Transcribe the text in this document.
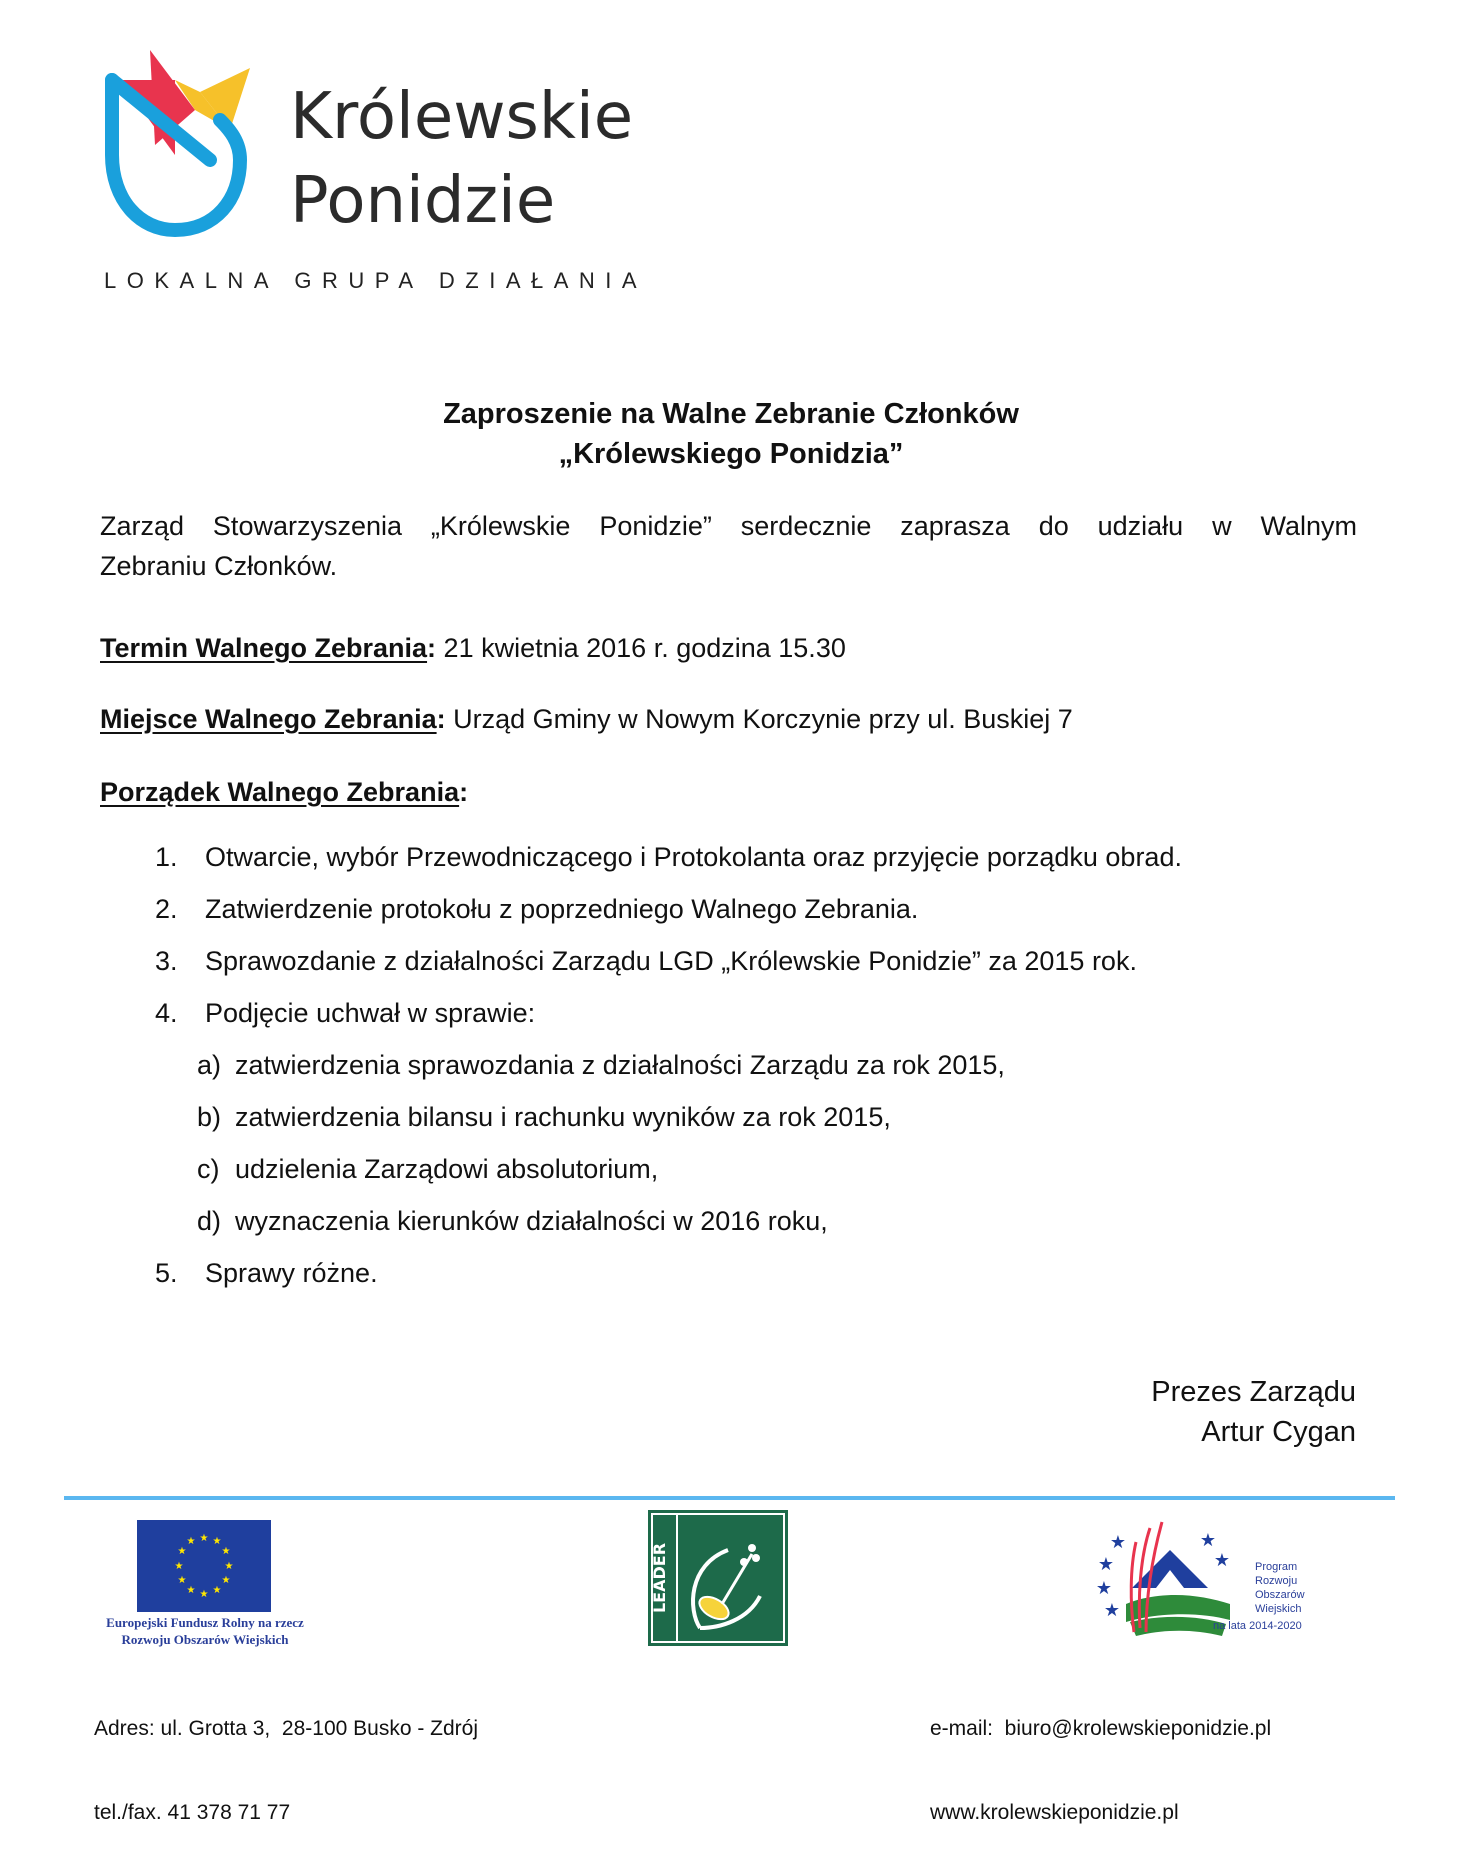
Królewskie
Ponidzie
LOKALNA GRUPA DZIAŁANIA
Zaproszenie na Walne Zebranie Członków
„Królewskiego Ponidzia”
Zarząd Stowarzyszenia „Królewskie Ponidzie” serdecznie zaprasza do udziału w Walnym
Zebraniu Członków.
Termin Walnego Zebrania: 21 kwietnia 2016 r. godzina 15.30
Miejsce Walnego Zebrania: Urząd Gminy w Nowym Korczynie przy ul. Buskiej 7
Porządek Walnego Zebrania:
1. Otwarcie, wybór Przewodniczącego i Protokolanta oraz przyjęcie porządku obrad.
2. Zatwierdzenie protokołu z poprzedniego Walnego Zebrania.
3. Sprawozdanie z działalności Zarządu LGD „Królewskie Ponidzie” za 2015 rok.
4. Podjęcie uchwał w sprawie:
a) zatwierdzenia sprawozdania z działalności Zarządu za rok 2015,
b) zatwierdzenia bilansu i rachunku wyników za rok 2015,
c) udzielenia Zarządowi absolutorium,
d) wyznaczenia kierunków działalności w 2016 roku,
5. Sprawy różne.
Prezes Zarządu
Artur Cygan
★ ★
★
★
★
★
★
★
★
★
★
★
Europejski Fundusz Rolny na rzecz
Rozwoju Obszarów Wiejskich
LEADER
★
★
★
★
★
★ Program
Rozwoju
Obszarów
Wiejskich
na lata 2014-2020

Adres: ul. Grotta 3,  28-100 Busko - Zdrój

tel./fax. 41 378 71 77

e-mail:  biuro@krolewskieponidzie.pl

www.krolewskieponidzie.pl
